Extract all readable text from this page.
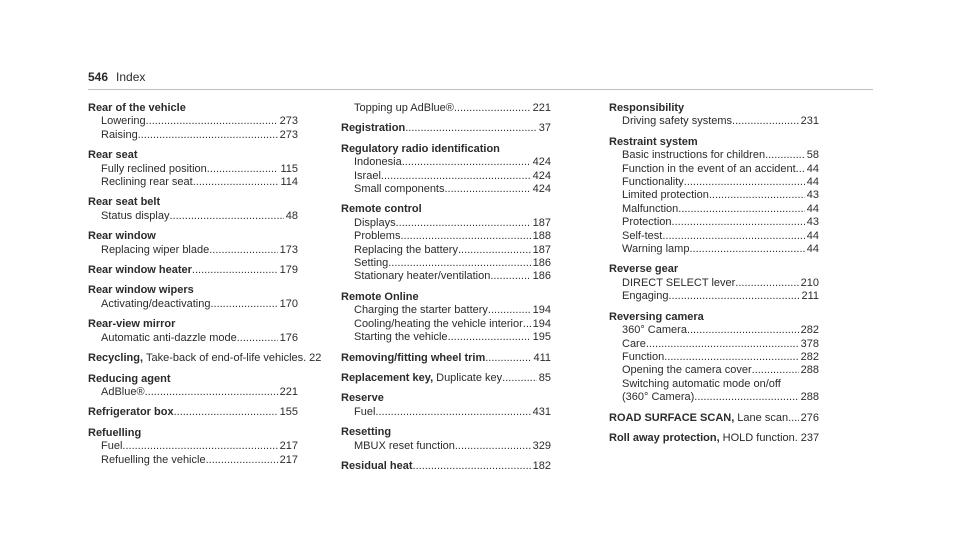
546 Index
Rear of the vehicle
Lowering .....	273
Raising .....	273
Rear seat
Fully reclined position .....	115
Reclining rear seat .....	114
Rear seat belt
Status display .....	48
Rear window
Replacing wiper blade .....	173
Rear window heater .....	179
Rear window wipers
Activating/deactivating .....	170
Rear-view mirror
Automatic anti-dazzle mode .....	176
Recycling, Take-back of end-of-life vehicles ..... 22
Reducing agent
AdBlue® .....	221
Refrigerator box .....	155
Refuelling
Fuel .....	217
Refuelling the vehicle .....	217
Topping up AdBlue® .....	221
Registration .....	37
Regulatory radio identification
Indonesia .....	424
Israel .....	424
Small components .....	424
Remote control
Displays .....	187
Problems .....	188
Replacing the battery .....	187
Setting .....	186
Stationary heater/ventilation .....	186
Remote Online
Charging the starter battery .....	194
Cooling/heating the vehicle interior ..... 194
Starting the vehicle .....	195
Removing/fitting wheel trim .....	411
Replacement key, Duplicate key .....	85
Reserve
Fuel .....	431
Resetting
MBUX reset function .....	329
Residual heat .....	182
Responsibility
Driving safety systems .....	231
Restraint system
Basic instructions for children .....	58
Function in the event of an accident ..... 44
Functionality .....	44
Limited protection .....	43
Malfunction .....	44
Protection .....	43
Self-test .....	44
Warning lamp .....	44
Reverse gear
DIRECT SELECT lever .....	210
Engaging .....	211
Reversing camera
360° Camera .....	282
Care .....	378
Function .....	282
Opening the camera cover .....	288
Switching automatic mode on/off
(360° Camera) .....	288
ROAD SURFACE SCAN, Lane scan ..... 276
Roll away protection, HOLD function ..... 237
